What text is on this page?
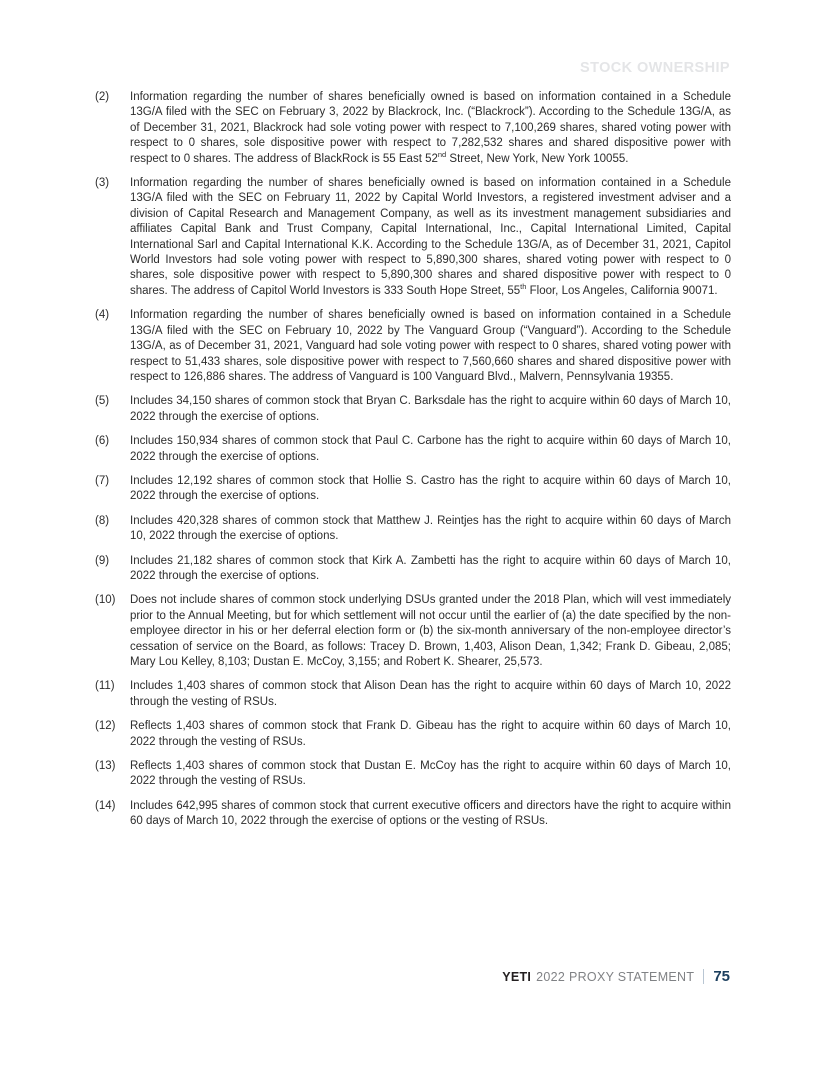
STOCK OWNERSHIP
(2)	Information regarding the number of shares beneficially owned is based on information contained in a Schedule 13G/A filed with the SEC on February 3, 2022 by Blackrock, Inc. (“Blackrock”). According to the Schedule 13G/A, as of December 31, 2021, Blackrock had sole voting power with respect to 7,100,269 shares, shared voting power with respect to 0 shares, sole dispositive power with respect to 7,282,532 shares and shared dispositive power with respect to 0 shares. The address of BlackRock is 55 East 52nd Street, New York, New York 10055.
(3)	Information regarding the number of shares beneficially owned is based on information contained in a Schedule 13G/A filed with the SEC on February 11, 2022 by Capital World Investors, a registered investment adviser and a division of Capital Research and Management Company, as well as its investment management subsidiaries and affiliates Capital Bank and Trust Company, Capital International, Inc., Capital International Limited, Capital International Sarl and Capital International K.K. According to the Schedule 13G/A, as of December 31, 2021, Capitol World Investors had sole voting power with respect to 5,890,300 shares, shared voting power with respect to 0 shares, sole dispositive power with respect to 5,890,300 shares and shared dispositive power with respect to 0 shares. The address of Capitol World Investors is 333 South Hope Street, 55th Floor, Los Angeles, California 90071.
(4)	Information regarding the number of shares beneficially owned is based on information contained in a Schedule 13G/A filed with the SEC on February 10, 2022 by The Vanguard Group (“Vanguard”). According to the Schedule 13G/A, as of December 31, 2021, Vanguard had sole voting power with respect to 0 shares, shared voting power with respect to 51,433 shares, sole dispositive power with respect to 7,560,660 shares and shared dispositive power with respect to 126,886 shares. The address of Vanguard is 100 Vanguard Blvd., Malvern, Pennsylvania 19355.
(5)	Includes 34,150 shares of common stock that Bryan C. Barksdale has the right to acquire within 60 days of March 10, 2022 through the exercise of options.
(6)	Includes 150,934 shares of common stock that Paul C. Carbone has the right to acquire within 60 days of March 10, 2022 through the exercise of options.
(7)	Includes 12,192 shares of common stock that Hollie S. Castro has the right to acquire within 60 days of March 10, 2022 through the exercise of options.
(8)	Includes 420,328 shares of common stock that Matthew J. Reintjes has the right to acquire within 60 days of March 10, 2022 through the exercise of options.
(9)	Includes 21,182 shares of common stock that Kirk A. Zambetti has the right to acquire within 60 days of March 10, 2022 through the exercise of options.
(10)	Does not include shares of common stock underlying DSUs granted under the 2018 Plan, which will vest immediately prior to the Annual Meeting, but for which settlement will not occur until the earlier of (a) the date specified by the non-employee director in his or her deferral election form or (b) the six-month anniversary of the non-employee director’s cessation of service on the Board, as follows: Tracey D. Brown, 1,403, Alison Dean, 1,342; Frank D. Gibeau, 2,085; Mary Lou Kelley, 8,103; Dustan E. McCoy, 3,155; and Robert K. Shearer, 25,573.
(11)	Includes 1,403 shares of common stock that Alison Dean has the right to acquire within 60 days of March 10, 2022 through the vesting of RSUs.
(12)	Reflects 1,403 shares of common stock that Frank D. Gibeau has the right to acquire within 60 days of March 10, 2022 through the vesting of RSUs.
(13)	Reflects 1,403 shares of common stock that Dustan E. McCoy has the right to acquire within 60 days of March 10, 2022 through the vesting of RSUs.
(14)	Includes 642,995 shares of common stock that current executive officers and directors have the right to acquire within 60 days of March 10, 2022 through the exercise of options or the vesting of RSUs.
YETI 2022 PROXY STATEMENT 75
